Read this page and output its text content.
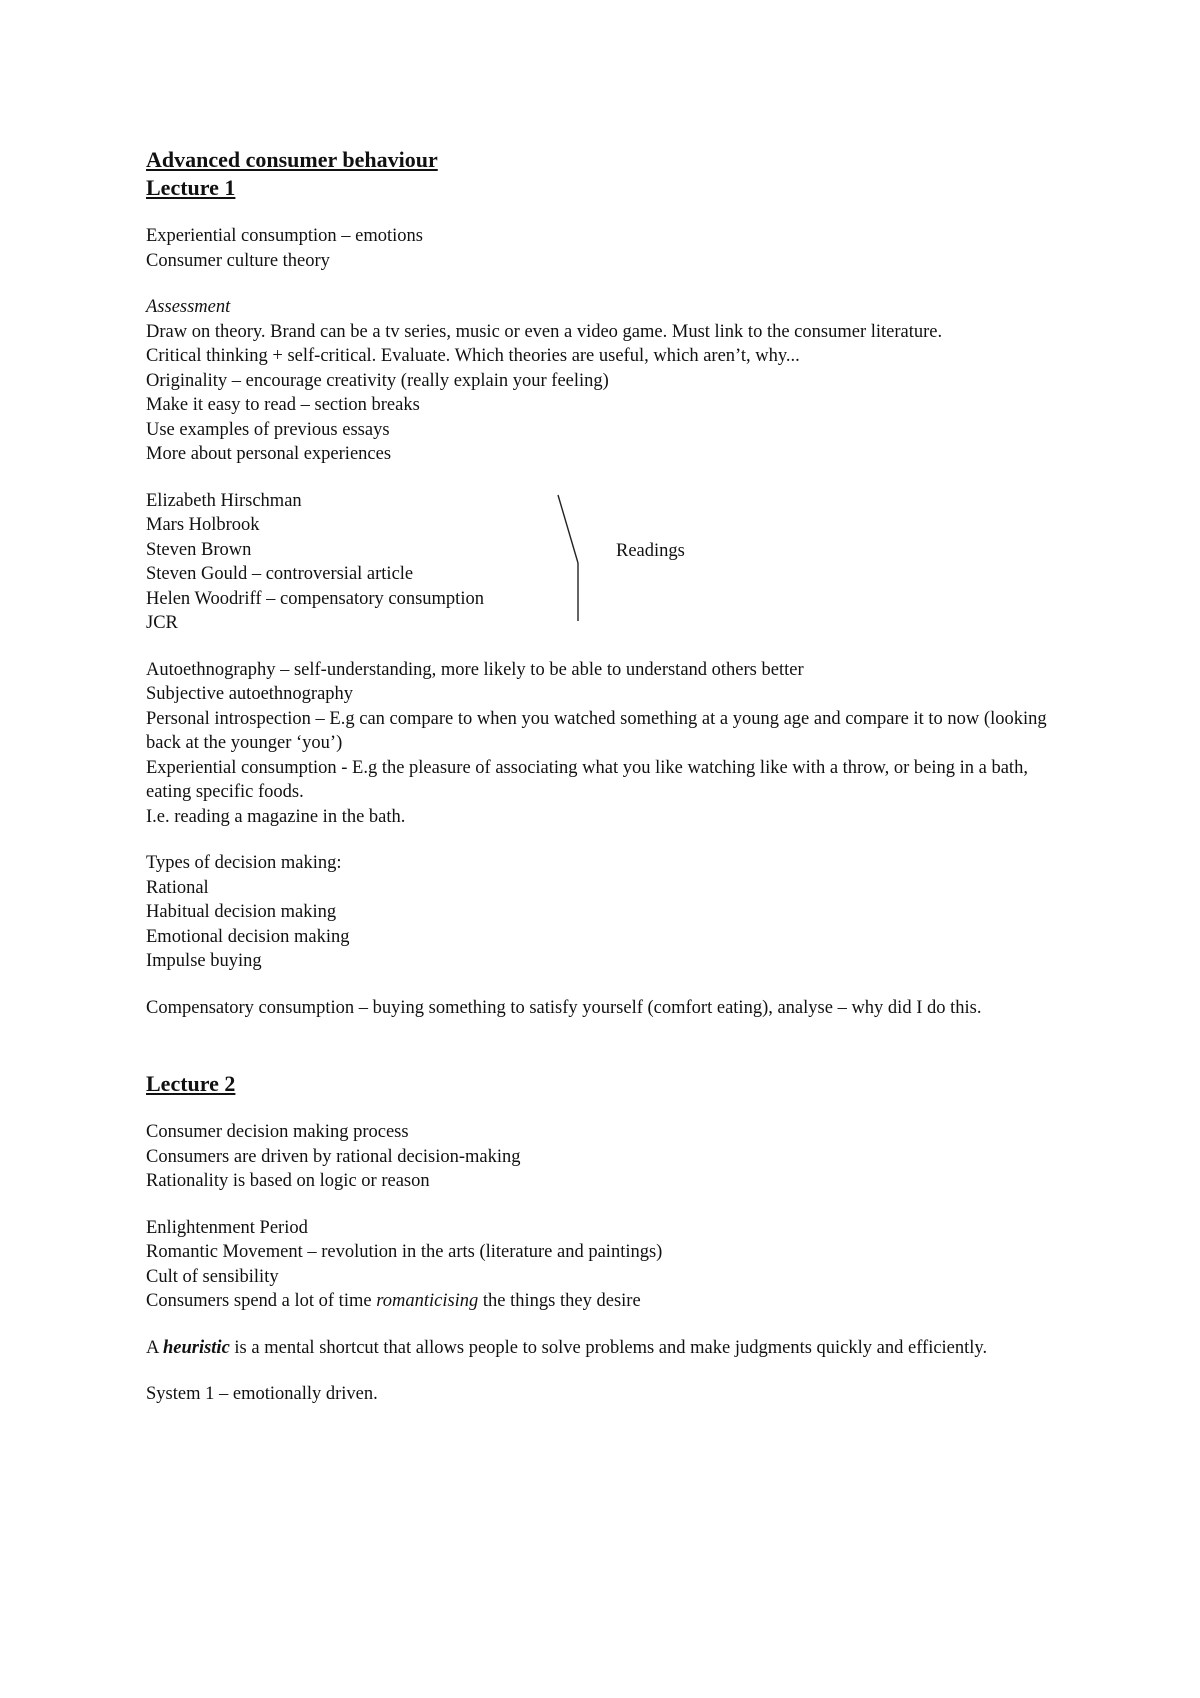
Advanced consumer behaviour
Lecture 1
Experiential consumption – emotions
Consumer culture theory
Assessment
Draw on theory. Brand can be a tv series, music or even a video game. Must link to the consumer literature.
Critical thinking + self-critical. Evaluate. Which theories are useful, which aren’t, why...
Originality – encourage creativity (really explain your feeling)
Make it easy to read – section breaks
Use examples of previous essays
More about personal experiences
Elizabeth Hirschman
Mars Holbrook
Steven Brown
Steven Gould – controversial article
Helen Woodriff – compensatory consumption
JCR
Readings
Autoethnography – self-understanding, more likely to be able to understand others better
Subjective autoethnography
Personal introspection – E.g can compare to when you watched something at a young age and compare it to now (looking back at the younger ‘you’)
Experiential consumption - E.g the pleasure of associating what you like watching like with a throw, or being in a bath, eating specific foods.
I.e. reading a magazine in the bath.
Types of decision making:
Rational
Habitual decision making
Emotional decision making
Impulse buying
Compensatory consumption – buying something to satisfy yourself (comfort eating), analyse – why did I do this.
Lecture 2
Consumer decision making process
Consumers are driven by rational decision-making
Rationality is based on logic or reason
Enlightenment Period
Romantic Movement – revolution in the arts (literature and paintings)
Cult of sensibility
Consumers spend a lot of time romanticising the things they desire
A heuristic is a mental shortcut that allows people to solve problems and make judgments quickly and efficiently.
System 1 – emotionally driven.
